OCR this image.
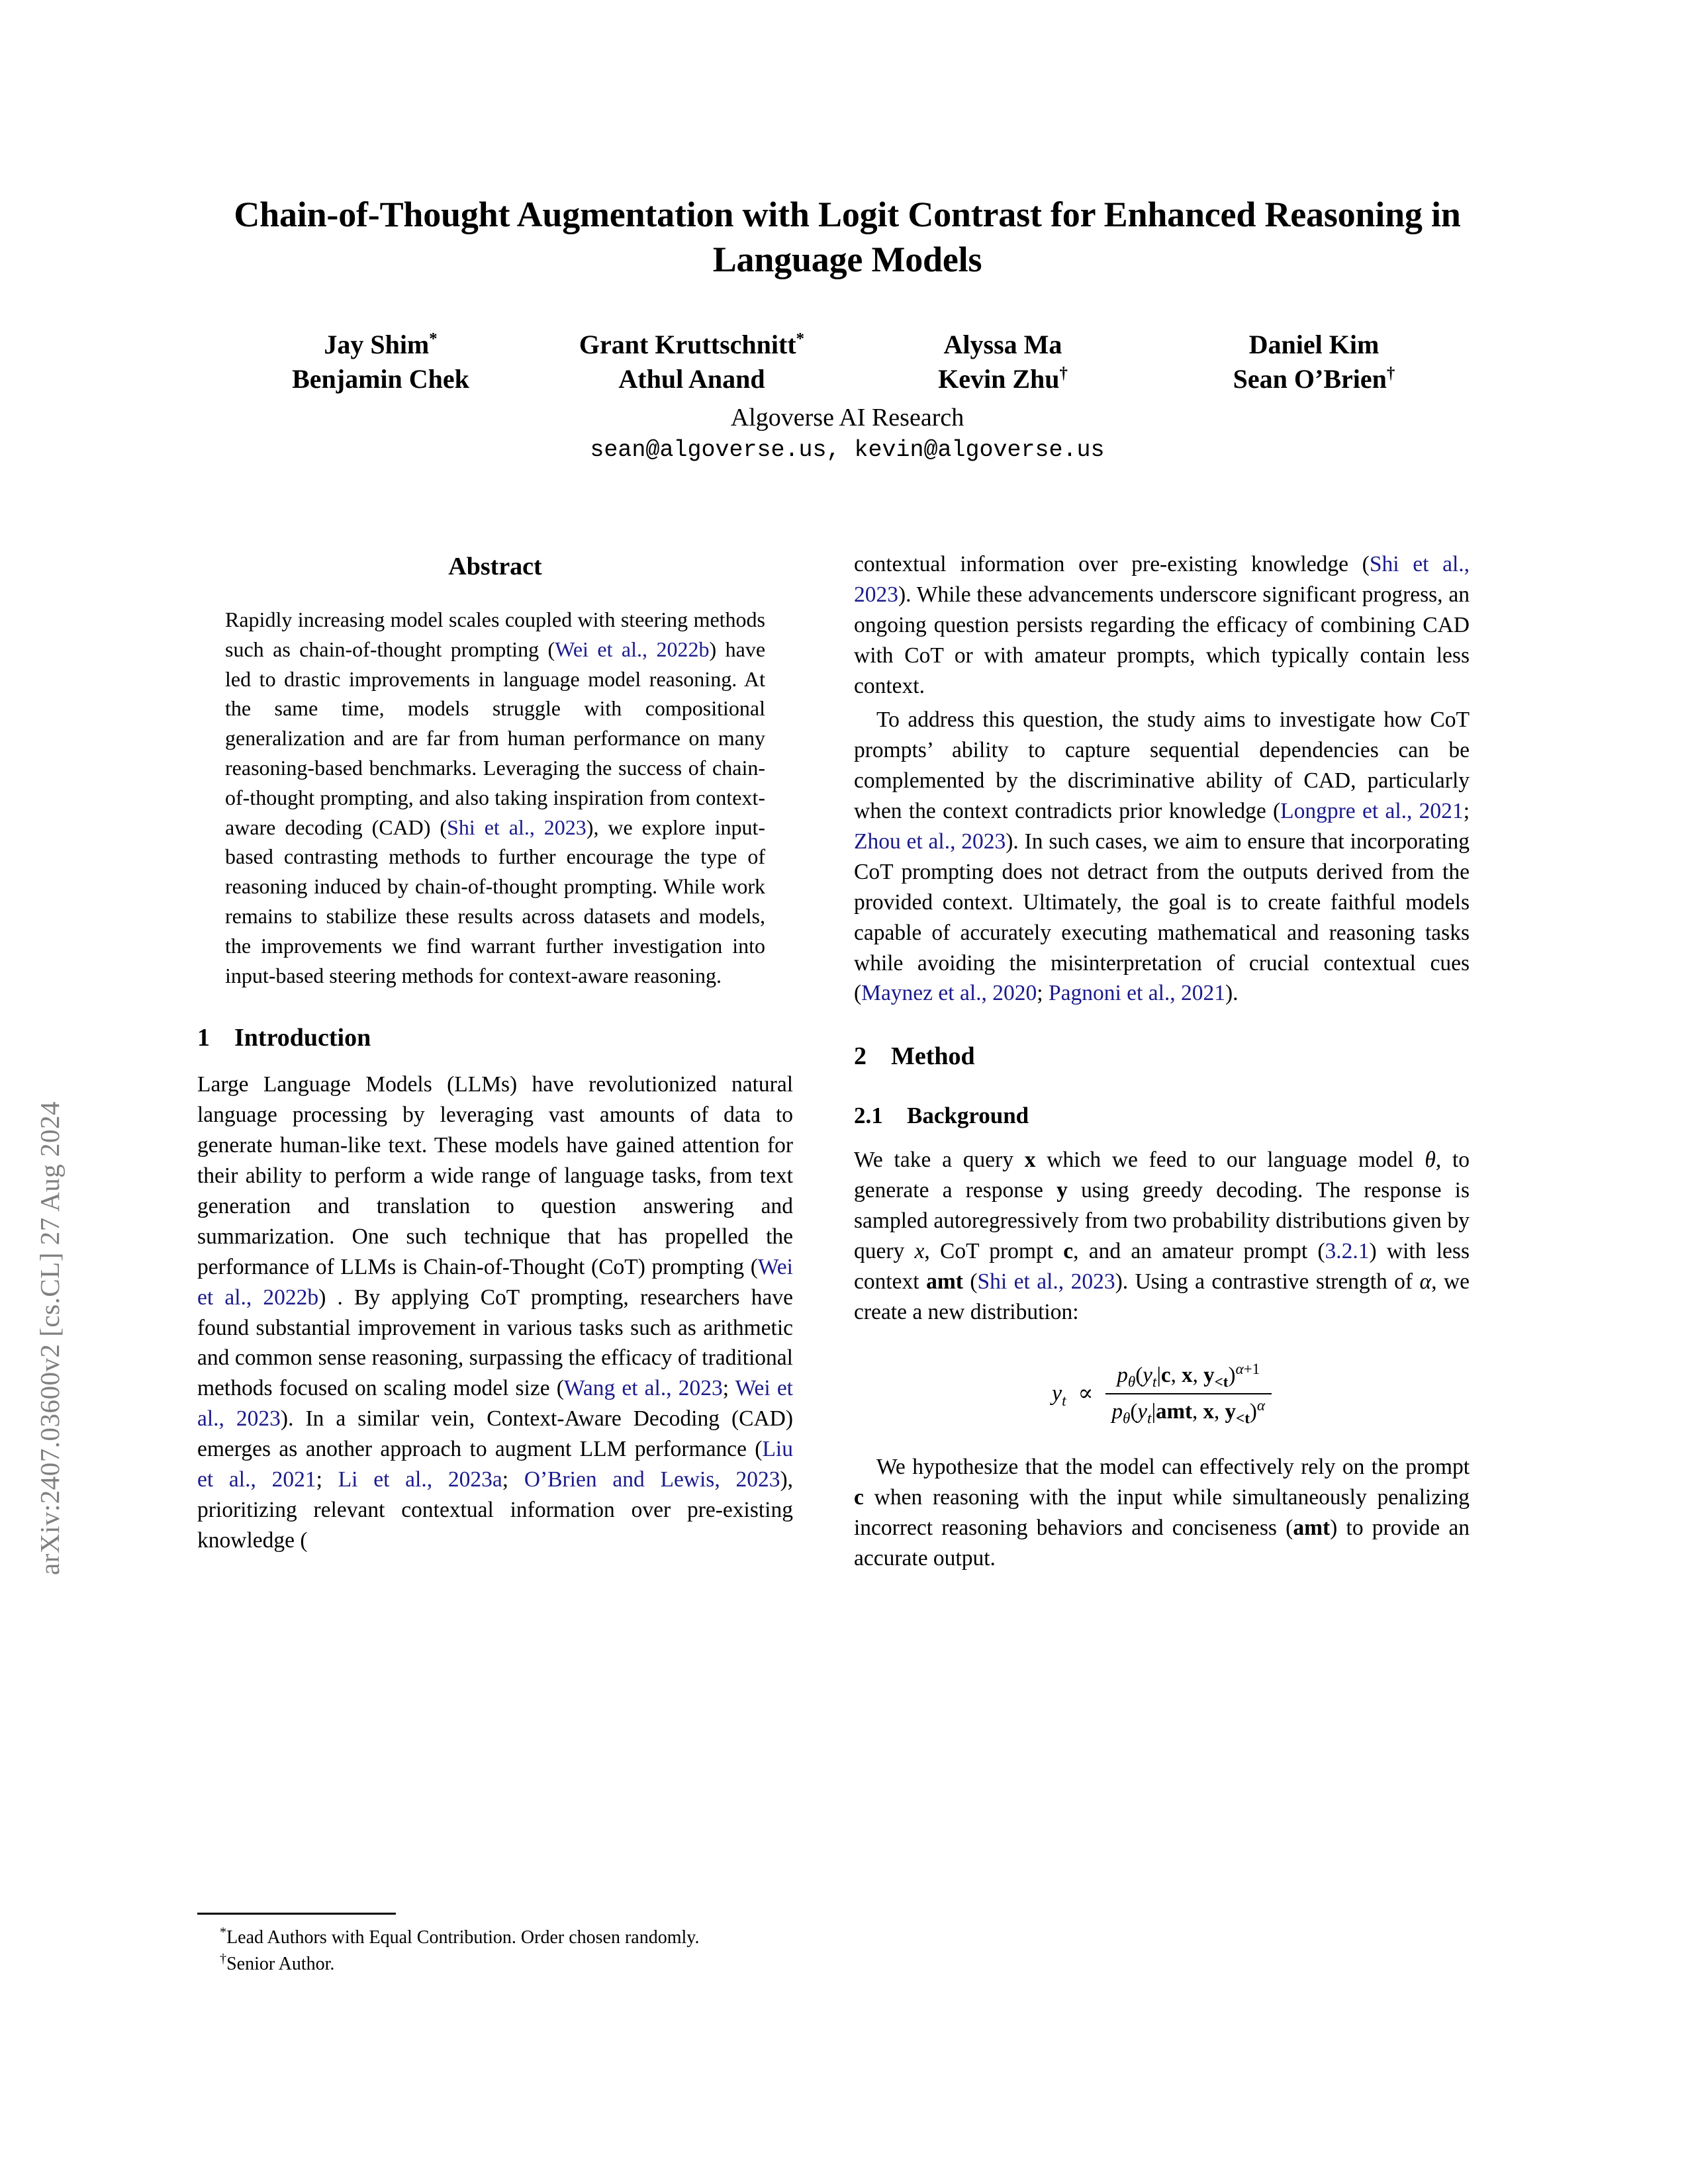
arXiv:2407.03600v2 [cs.CL] 27 Aug 2024
Chain-of-Thought Augmentation with Logit Contrast for Enhanced Reasoning in Language Models
Jay Shim*	Grant Kruttschnitt*	Alyssa Ma	Daniel Kim
Benjamin Chek	Athul Anand	Kevin Zhu†	Sean O’Brien†
Algoverse AI Research
sean@algoverse.us, kevin@algoverse.us
Abstract
Rapidly increasing model scales coupled with steering methods such as chain-of-thought prompting (Wei et al., 2022b) have led to drastic improvements in language model reasoning. At the same time, models struggle with compositional generalization and are far from human performance on many reasoning-based benchmarks. Leveraging the success of chain-of-thought prompting, and also taking inspiration from context-aware decoding (CAD) (Shi et al., 2023), we explore input-based contrasting methods to further encourage the type of reasoning induced by chain-of-thought prompting. While work remains to stabilize these results across datasets and models, the improvements we find warrant further investigation into input-based steering methods for context-aware reasoning.
1 Introduction

Large Language Models (LLMs) have revolutionized natural language processing by leveraging vast amounts of data to generate human-like text. These models have gained attention for their ability to perform a wide range of language tasks, from text generation and translation to question answering and summarization. One such technique that has propelled the performance of LLMs is Chain-of-Thought (CoT) prompting (Wei et al., 2022b) . By applying CoT prompting, researchers have found substantial improvement in various tasks such as arithmetic and common sense reasoning, surpassing the efficacy of traditional methods focused on scaling model size (Wang et al., 2023; Wei et al., 2023). In a similar vein, Context-Aware Decoding (CAD) emerges as another approach to augment LLM performance (Liu et al., 2021; Li et al., 2023a; O’Brien and Lewis, 2023), prioritizing relevant contextual information over pre-existing knowledge (

contextual information over pre-existing knowledge (Shi et al., 2023). While these advancements underscore significant progress, an ongoing question persists regarding the efficacy of combining CAD with CoT or with amateur prompts, which typically contain less context.

To address this question, the study aims to investigate how CoT prompts’ ability to capture sequential dependencies can be complemented by the discriminative ability of CAD, particularly when the context contradicts prior knowledge (Longpre et al., 2021; Zhou et al., 2023). In such cases, we aim to ensure that incorporating CoT prompting does not detract from the outputs derived from the provided context. Ultimately, the goal is to create faithful models capable of accurately executing mathematical and reasoning tasks while avoiding the misinterpretation of crucial contextual cues (Maynez et al., 2020; Pagnoni et al., 2021).

2 Method
2.1 Background

We take a query x which we feed to our language model θ, to generate a response y using greedy decoding. The response is sampled autoregressively from two probability distributions given by query x, CoT prompt c, and an amateur prompt (3.2.1) with less context amt (Shi et al., 2023). Using a contrastive strength of α, we create a new distribution:

$y_t \propto \frac{p_\theta(y_t|c, x, y_{<t})^{\alpha+1}}{p_\theta(y_t|amt, x, y_{<t})^\alpha}$

We hypothesize that the model can effectively rely on the prompt c when reasoning with the input while simultaneously penalizing incorrect reasoning behaviors and conciseness (amt) to provide an accurate output.

*Lead Authors with Equal Contribution. Order chosen randomly.

†Senior Author.
